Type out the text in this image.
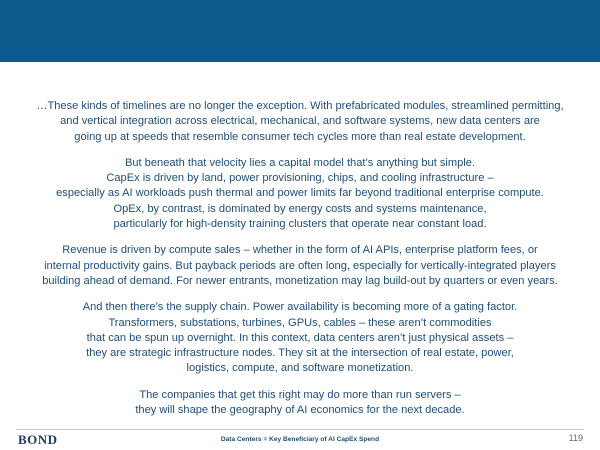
…These kinds of timelines are no longer the exception. With prefabricated modules, streamlined permitting,
and vertical integration across electrical, mechanical, and software systems, new data centers are
going up at speeds that resemble consumer tech cycles more than real estate development.

But beneath that velocity lies a capital model that’s anything but simple.
CapEx is driven by land, power provisioning, chips, and cooling infrastructure –
especially as AI workloads push thermal and power limits far beyond traditional enterprise compute.
OpEx, by contrast, is dominated by energy costs and systems maintenance,
particularly for high-density training clusters that operate near constant load.

Revenue is driven by compute sales – whether in the form of AI APIs, enterprise platform fees, or
internal productivity gains. But payback periods are often long, especially for vertically-integrated players
building ahead of demand. For newer entrants, monetization may lag build-out by quarters or even years.

And then there’s the supply chain. Power availability is becoming more of a gating factor.
Transformers, substations, turbines, GPUs, cables – these aren’t commodities
that can be spun up overnight. In this context, data centers aren’t just physical assets –
they are strategic infrastructure nodes. They sit at the intersection of real estate, power,
logistics, compute, and software monetization.

The companies that get this right may do more than run servers –
they will shape the geography of AI economics for the next decade.

BOND	Data Centers = Key Beneficiary of AI CapEx Spend	119
